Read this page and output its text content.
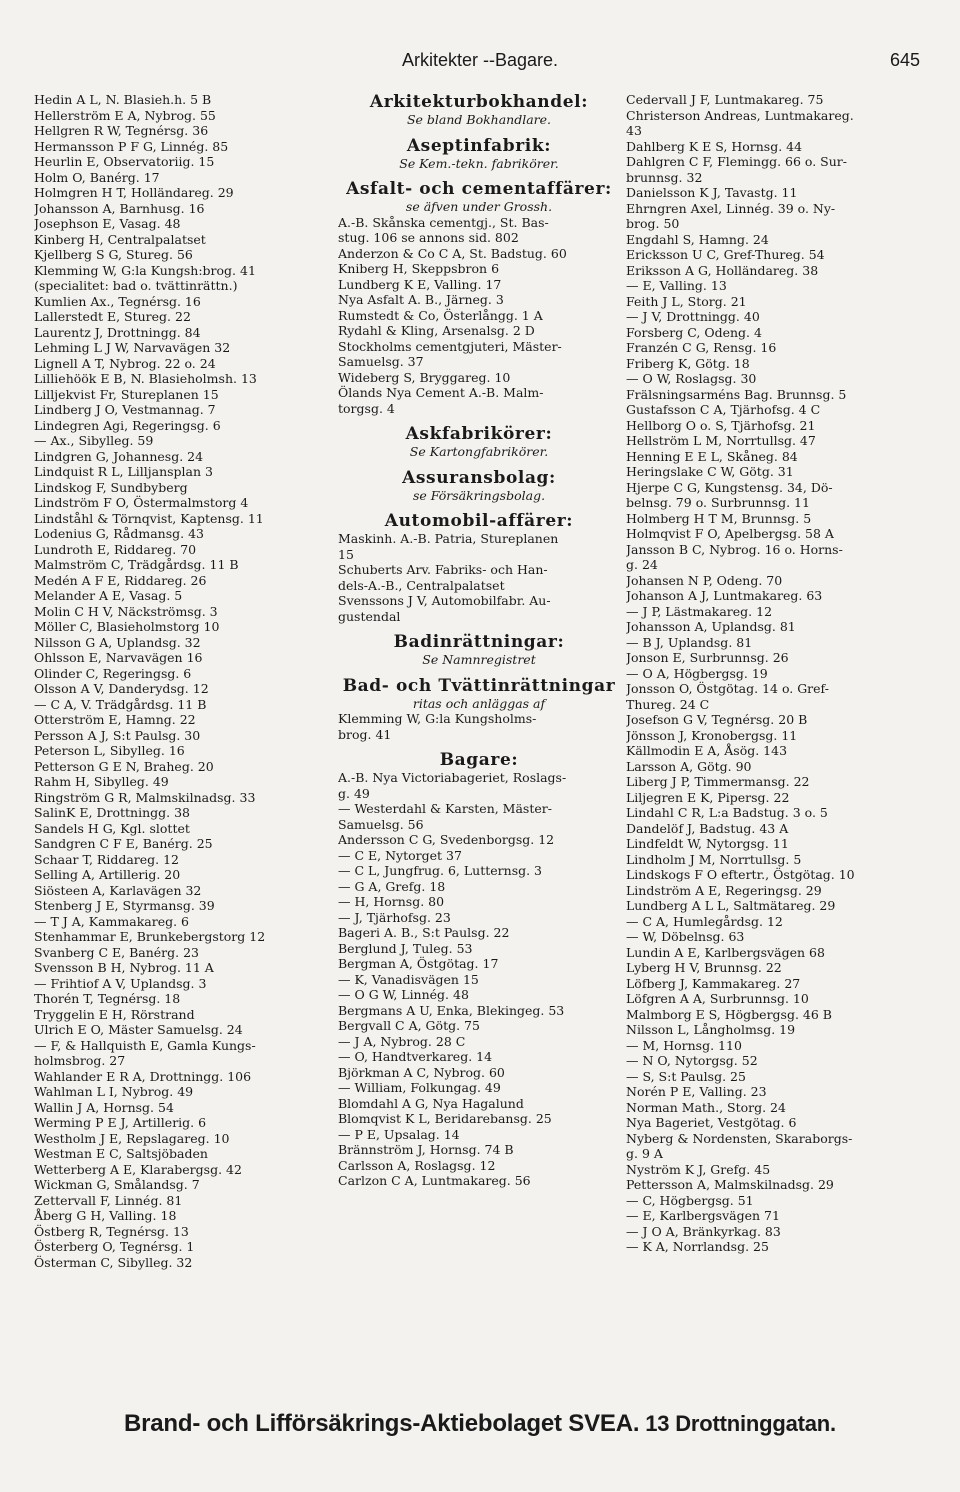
Arkitekter --Bagare.	645
Hedin A L, N. Blasieh.h. 5 B
Hellerström E A, Nybrog. 55
Hellgren R W, Tegnérsg. 36
Hermansson P F G, Linnég. 85
Heurlin E, Observatoriig. 15
Holm O, Banérg. 17
Holmgren H T, Holländareg. 29
Johansson A, Barnhusg. 16
Josephson E, Vasag. 48
Kinberg H, Centralpalatset
Kjellberg S G, Stureg. 56
Klemming W, G:la Kungsh:brog. 41
(specialitet: bad o. tvättinrättn.)
Kumlien Ax., Tegnérsg. 16
Lallerstedt E, Stureg. 22
Laurentz J, Drottningg. 84
Lehming L J W, Narvavägen 32
Lignell A T, Nybrog. 22 o. 24
Lilliehöök E B, N. Blasieholmsh. 13
Lilljekvist Fr, Stureplanen 15
Lindberg J O, Vestmannag. 7
Lindegren Agi, Regeringsg. 6
— Ax., Sibylleg. 59
Lindgren G, Johannesg. 24
Lindquist R L, Lilljansplan 3
Lindskog F, Sundbyberg
Lindström F O, Östermalmstorg 4
Lindståhl & Törnqvist, Kaptensg. 11
Lodenius G, Rådmansg. 43
Lundroth E, Riddareg. 70
Malmström C, Trädgårdsg. 11 B
Medén A F E, Riddareg. 26
Melander A E, Vasag. 5
Molin C H V, Näckströmsg. 3
Möller C, Blasieholmstorg 10
Nilsson G A, Uplandsg. 32
Ohlsson E, Narvavägen 16
Olinder C, Regeringsg. 6
Olsson A V, Danderydsg. 12
— C A, V. Trädgårdsg. 11 B
Otterström E, Hamng. 22
Persson A J, S:t Paulsg. 30
Peterson L, Sibylleg. 16
Petterson G E N, Braheg. 20
Rahm H, Sibylleg. 49
Ringström G R, Malmskilnadsg. 33
SalinK E, Drottningg. 38
Sandels H G, Kgl. slottet
Sandgren C F E, Banérg. 25
Schaar T, Riddareg. 12
Selling A, Artillerig. 20
Siösteen A, Karlavägen 32
Stenberg J E, Styrmansg. 39
— T J A, Kammakareg. 6
Stenhammar E, Brunkebergstorg 12
Svanberg C E, Banérg. 23
Svensson B H, Nybrog. 11 A
— Frihtiof A V, Uplandsg. 3
Thorén T, Tegnérsg. 18
Tryggelin E H, Rörstrand
Ulrich E O, Mäster Samuelsg. 24
— F, & Hallquisth E, Gamla Kungs-
holmsbrog. 27
Wahlander E R A, Drottningg. 106
Wahlman L I, Nybrog. 49
Wallin J A, Hornsg. 54
Werming P E J, Artillerig. 6
Westholm J E, Repslagareg. 10
Westman E C, Saltsjöbaden
Wetterberg A E, Klarabergsg. 42
Wickman G, Smålandsg. 7
Zettervall F, Linnég. 81
Åberg G H, Valling. 18
Östberg R, Tegnérsg. 13
Österberg O, Tegnérsg. 1
Österman C, Sibylleg. 32
Arkitekturbokhandel:
Se bland Bokhandlare.
Aseptinfabrik:
Se Kem.-tekn. fabrikörer.
Asfalt- och cementaffärer:
se äfven under Grossh.
A.-B. Skånska cementgj., St. Bas-
stug. 106 se annons sid. 802
Anderzon & Co C A, St. Badstug. 60
Kniberg H, Skeppsbron 6
Lundberg K E, Valling. 17
Nya Asfalt A. B., Järneg. 3
Rumstedt & Co, Österlångg. 1 A
Rydahl & Kling, Arsenalsg. 2 D
Stockholms cementgjuteri, Mäster-
Samuelsg. 37
Wideberg S, Bryggareg. 10
Ölands Nya Cement A.-B. Malm-
torgsg. 4
Askfabrikörer:
Se Kartongfabrikörer.
Assuransbolag:
se Försäkringsbolag.
Automobil-affärer:
Maskinh. A.-B. Patria, Stureplanen
15
Schuberts Arv. Fabriks- och Han-
dels-A.-B., Centralpalatset
Svenssons J V, Automobilfabr. Au-
gustendal
Badinrättningar:
Se Namnregistret
Bad- och Tvättinrättningar
ritas och anläggas af
Klemming W, G:la Kungsholms-
brog. 41
Bagare:
A.-B. Nya Victoriabageriet, Roslags-
g. 49
— Westerdahl & Karsten, Mäster-
Samuelsg. 56
Andersson C G, Svedenborgsg. 12
— C E, Nytorget 37
— C L, Jungfrug. 6, Lutternsg. 3
— G A, Grefg. 18
— H, Hornsg. 80
— J, Tjärhofsg. 23
Bageri A. B., S:t Paulsg. 22
Berglund J, Tuleg. 53
Bergman A, Östgötag. 17
— K, Vanadisvägen 15
— O G W, Linnég. 48
Bergmans A U, Enka, Blekingeg. 53
Bergvall C A, Götg. 75
— J A, Nybrog. 28 C
— O, Handtverkareg. 14
Björkman A C, Nybrog. 60
— William, Folkungag. 49
Blomdahl A G, Nya Hagalund
Blomqvist K L, Beridarebansg. 25
— P E, Upsalag. 14
Brännström J, Hornsg. 74 B
Carlsson A, Roslagsg. 12
Carlzon C A, Luntmakareg. 56
Cedervall J F, Luntmakareg. 75
Christerson Andreas, Luntmakareg.
43
Dahlberg K E S, Hornsg. 44
Dahlgren C F, Flemingg. 66 o. Sur-
brunnsg. 32
Danielsson K J, Tavastg. 11
Ehrngren Axel, Linnég. 39 o. Ny-
brog. 50
Engdahl S, Hamng. 24
Ericksson U C, Gref-Thureg. 54
Eriksson A G, Holländareg. 38
— E, Valling. 13
Feith J L, Storg. 21
— J V, Drottningg. 40
Forsberg C, Odeng. 4
Franzén C G, Rensg. 16
Friberg K, Götg. 18
— O W, Roslagsg. 30
Frälsningsarméns Bag. Brunnsg. 5
Gustafsson C A, Tjärhofsg. 4 C
Hellborg O o. S, Tjärhofsg. 21
Hellström L M, Norrtullsg. 47
Henning E E L, Skåneg. 84
Heringslake C W, Götg. 31
Hjerpe C G, Kungstensg. 34, Dö-
belnsg. 79 o. Surbrunnsg. 11
Holmberg H T M, Brunnsg. 5
Holmqvist F O, Apelbergsg. 58 A
Jansson B C, Nybrog. 16 o. Horns-
g. 24
Johansen N P, Odeng. 70
Johanson A J, Luntmakareg. 63
— J P, Lästmakareg. 12
Johansson A, Uplandsg. 81
— B J, Uplandsg. 81
Jonson E, Surbrunnsg. 26
— O A, Högbergsg. 19
Jonsson O, Östgötag. 14 o. Gref-
Thureg. 24 C
Josefson G V, Tegnérsg. 20 B
Jönsson J, Kronobergsg. 11
Källmodin E A, Åsög. 143
Larsson A, Götg. 90
Liberg J P, Timmermansg. 22
Liljegren E K, Pipersg. 22
Lindahl C R, L:a Badstug. 3 o. 5
Dandelöf J, Badstug. 43 A
Lindfeldt W, Nytorgsg. 11
Lindholm J M, Norrtullsg. 5
Lindskogs F O eftertr., Östgötag. 10
Lindström A E, Regeringsg. 29
Lundberg A L L, Saltmätareg. 29
— C A, Humlegårdsg. 12
— W, Döbelnsg. 63
Lundin A E, Karlbergsvägen 68
Lyberg H V, Brunnsg. 22
Löfberg J, Kammakareg. 27
Löfgren A A, Surbrunnsg. 10
Malmborg E S, Högbergsg. 46 B
Nilsson L, Långholmsg. 19
— M, Hornsg. 110
— N O, Nytorgsg. 52
— S, S:t Paulsg. 25
Norén P E, Valling. 23
Norman Math., Storg. 24
Nya Bageriet, Vestgötag. 6
Nyberg & Nordensten, Skaraborgs-
g. 9 A
Nyström K J, Grefg. 45
Pettersson A, Malmskilnadsg. 29
— C, Högbergsg. 51
— E, Karlbergsvägen 71
— J O A, Bränkyrkag. 83
— K A, Norrlandsg. 25
Brand- och Lifförsäkrings-Aktiebolaget SVEA. 13 Drottninggatan.
